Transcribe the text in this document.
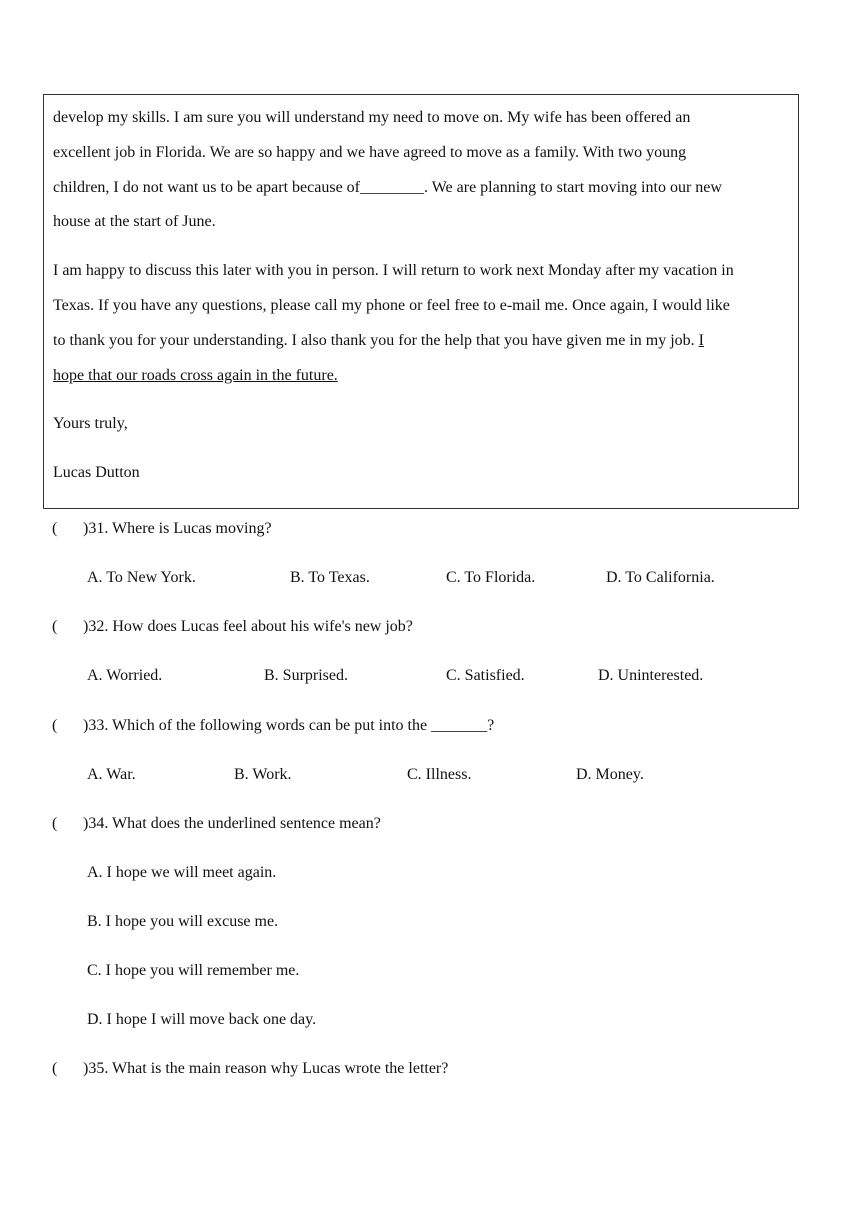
develop my skills. I am sure you will understand my need to move on. My wife has been offered an
excellent job in Florida. We are so happy and we have agreed to move as a family. With two young
children, I do not want us to be apart because of________. We are planning to start moving into our new
house at the start of June.
I am happy to discuss this later with you in person. I will return to work next Monday after my vacation in
Texas. If you have any questions, please call my phone or feel free to e-mail me. Once again, I would like
to thank you for your understanding. I also thank you for the help that you have given me in my job. I
hope that our roads cross again in the future.
Yours truly,
Lucas Dutton
( )31. Where is Lucas moving?
A. To New York.	B. To Texas.	C. To Florida.	D. To California.
( )32. How does Lucas feel about his wife's new job?
A. Worried.	B. Surprised.	C. Satisfied.	D. Uninterested.
( )33. Which of the following words can be put into the _______?
A. War.	B. Work.	C. Illness.	D. Money.
( )34. What does the underlined sentence mean?
A. I hope we will meet again.
B. I hope you will excuse me.
C. I hope you will remember me.
D. I hope I will move back one day.
( )35. What is the main reason why Lucas wrote the letter?
